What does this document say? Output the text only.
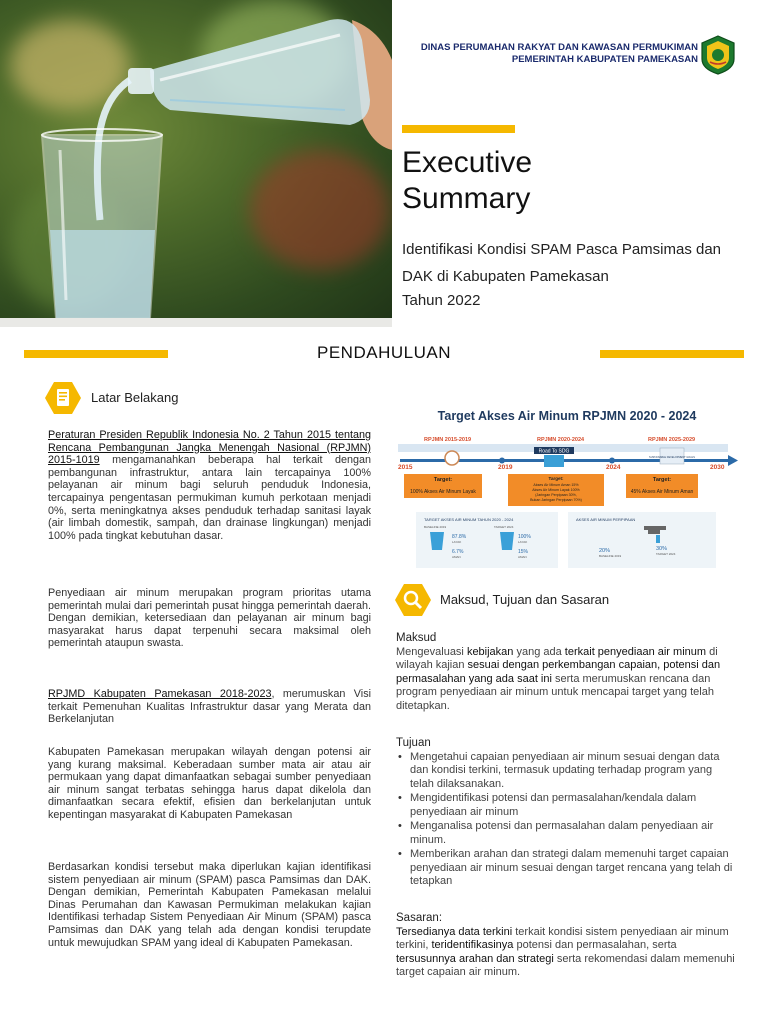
DINAS PERUMAHAN RAKYAT DAN KAWASAN PERMUKIMAN
PEMERINTAH KABUPATEN PAMEKASAN
Executive
Summary
Identifikasi Kondisi SPAM Pasca Pamsimas dan
DAK di Kabupaten Pamekasan
Tahun 2022
PENDAHULUAN
Latar Belakang
Peraturan Presiden Republik Indonesia No. 2 Tahun 2015 tentang Rencana Pembangunan Jangka Menengah Nasional (RPJMN) 2015-1019 mengamanahkan beberapa hal terkait dengan pembangunan infrastruktur, antara lain tercapainya 100% pelayanan air minum bagi seluruh penduduk Indonesia, tercapainya pengentasan permukiman kumuh perkotaan menjadi 0%, serta meningkatnya akses penduduk terhadap sanitasi layak (air limbah domestik, sampah, dan drainase lingkungan) menjadi 100% pada tingkat kebutuhan dasar.
Penyediaan air minum merupakan program prioritas utama pemerintah mulai dari pemerintah pusat hingga pemerintah daerah. Dengan demikian, ketersediaan dan pelayanan air minum bagi masyarakat harus dapat terpenuhi secara maksimal oleh pemerintah ataupun swasta.
RPJMD Kabupaten Pamekasan 2018-2023, merumuskan Visi terkait Pemenuhan Kualitas Infrastruktur dasar yang Merata dan Berkelanjutan
Kabupaten Pamekasan merupakan wilayah dengan potensi air yang kurang maksimal. Keberadaan sumber mata air atau air permukaan yang dapat dimanfaatkan sebagai sumber penyediaan air minum sangat terbatas sehingga harus dapat dikelola dan dimanfaatkan secara efektif, efisien dan berkelanjutan untuk kepentingan masyarakat di Kabupaten Pamekasan
Berdasarkan kondisi tersebut maka diperlukan kajian identifikasi sistem penyediaan air minum (SPAM) pasca Pamsimas dan DAK. Dengan demikian, Pemerintah Kabupaten Pamekasan melalui Dinas Perumahan dan Kawasan Permukiman melakukan kajian Identifikasi terhadap Sistem Penyediaan Air Minum (SPAM) pasca Pamsimas dan DAK yang telah ada dengan kondisi terupdate untuk mewujudkan SPAM yang ideal di Kabupaten Pamekasan.
Target Akses Air Minum RPJMN 2020 - 2024
RPJMN 2015-2019	RPJMN 2020-2024	RPJMN 2025-2029
2015	2019	2024	2030
Road To SDG
SUSTAINABLE DEVELOPMENT GOALS
Target:
100% Akses Air Minum Layak
Target:
Akses Air Minum Aman 15%
Akses Air Minum Layak 100%
(Jaringan Perpipaan 30%,
Bukan Jaringan Perpipaan 70%)
Target:
45% Akses Air Minum Aman
TARGET AKSES AIR MINUM TAHUN 2020 - 2024
BASELINE 2019	TARGET 2024
87.8%
LAYAK
6.7%
AMAN
100%
LAYAK
15%
AMAN
AKSES AIR MINUM PERPIPAAN
20%
BASELINE 2019
30%
TARGET 2024
Maksud, Tujuan dan Sasaran
Maksud
Mengevaluasi kebijakan yang ada terkait penyediaan air minum di wilayah kajian sesuai dengan perkembangan capaian, potensi dan permasalahan yang ada saat ini serta merumuskan rencana dan program penyediaan air minum untuk mencapai target yang telah ditetapkan.
Tujuan
• Mengetahui capaian penyediaan air minum sesuai dengan data dan kondisi terkini, termasuk updating terhadap program yang telah dilaksanakan.
• Mengidentifikasi potensi dan permasalahan/kendala dalam penyediaan air minum
• Menganalisa potensi dan permasalahan dalam penyediaan air minum.
• Memberikan arahan dan strategi dalam memenuhi target capaian penyediaan air minum sesuai dengan target rencana yang telah di tetapkan
Sasaran:
Tersedianya data terkini terkait kondisi sistem penyediaan air minum terkini, teridentifikasinya potensi dan permasalahan, serta tersusunnya arahan dan strategi serta rekomendasi dalam memenuhi target capaian air minum.
